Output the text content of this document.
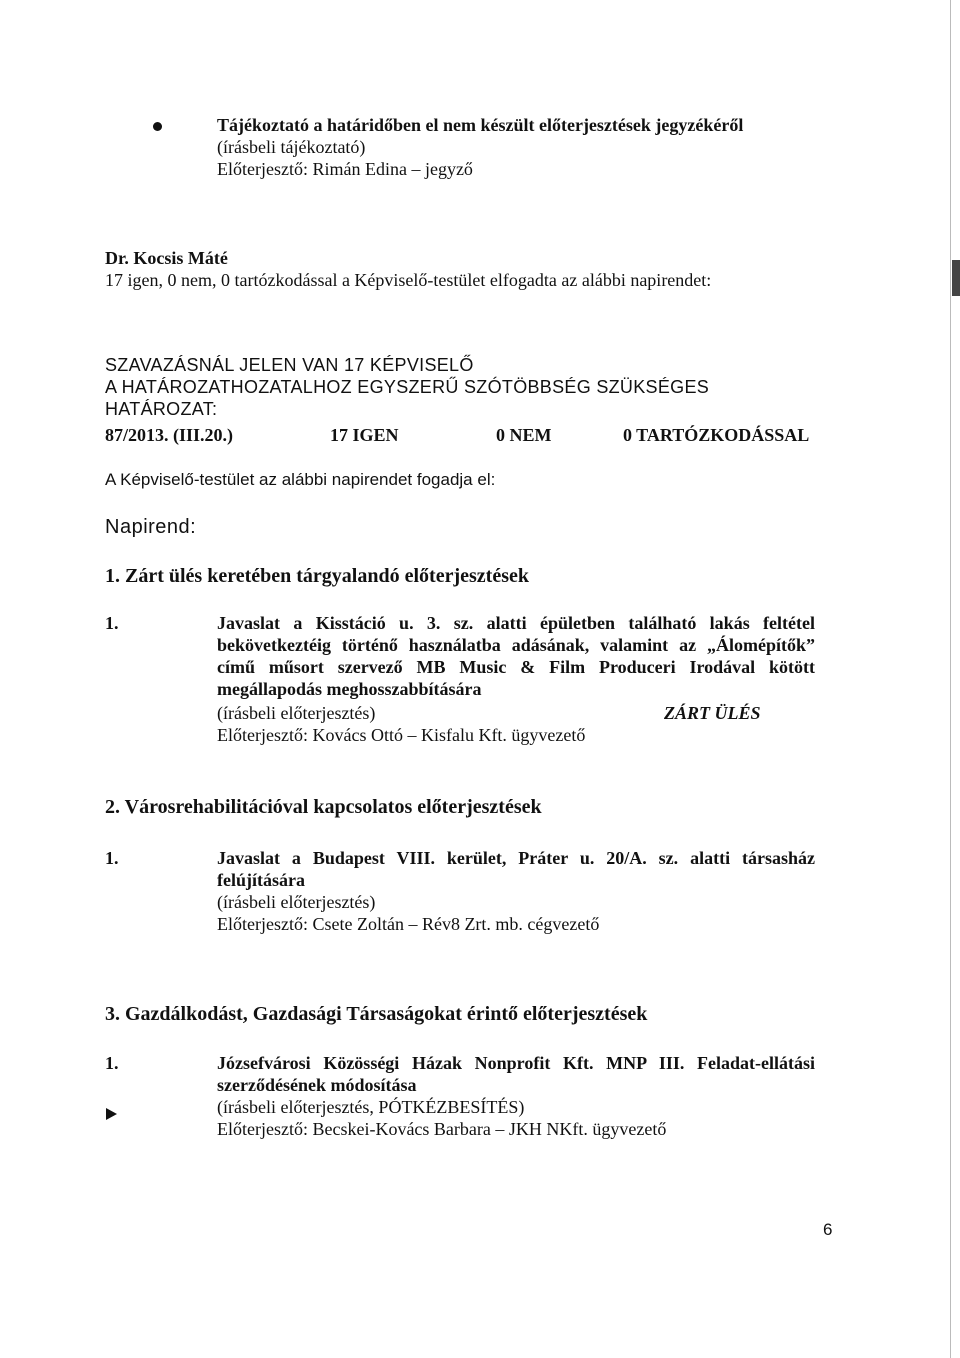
Tájékoztató a határidőben el nem készült előterjesztések jegyzékéről
(írásbeli tájékoztató)
Előterjesztő: Rimán Edina – jegyző
Dr. Kocsis Máté
17 igen, 0 nem, 0 tartózkodással a Képviselő-testület elfogadta az alábbi napirendet:
SZAVAZÁSNÁL JELEN VAN 17 KÉPVISELŐ
A HATÁROZATHOZATALHOZ EGYSZERŰ SZÓTÖBBSÉG SZÜKSÉGES
HATÁROZAT:
87/2013. (III.20.)	17 IGEN	0 NEM	0 TARTÓZKODÁSSAL
A Képviselő-testület az alábbi napirendet fogadja el:
Napirend:
1. Zárt ülés keretében tárgyalandó előterjesztések
1.	Javaslat a Kisstáció u. 3. sz. alatti épületben található lakás feltétel
bekövetkeztéig történő használatba adásának, valamint az „Álomépítők”
című műsort szervező MB Music & Film Produceri Irodával kötött
megállapodás meghosszabbítására
(írásbeli előterjesztés)	ZÁRT ÜLÉS
Előterjesztő: Kovács Ottó – Kisfalu Kft. ügyvezető
2. Városrehabilitációval kapcsolatos előterjesztések
1.	Javaslat a Budapest VIII. kerület, Práter u. 20/A. sz. alatti társasház
felújítására
(írásbeli előterjesztés)
Előterjesztő: Csete Zoltán – Rév8 Zrt. mb. cégvezető
3. Gazdálkodást, Gazdasági Társaságokat érintő előterjesztések
1.	Józsefvárosi Közösségi Házak Nonprofit Kft. MNP III. Feladat-ellátási
szerződésének módosítása
(írásbeli előterjesztés, PÓTKÉZBESÍTÉS)
Előterjesztő: Becskei-Kovács Barbara – JKH NKft. ügyvezető
6
